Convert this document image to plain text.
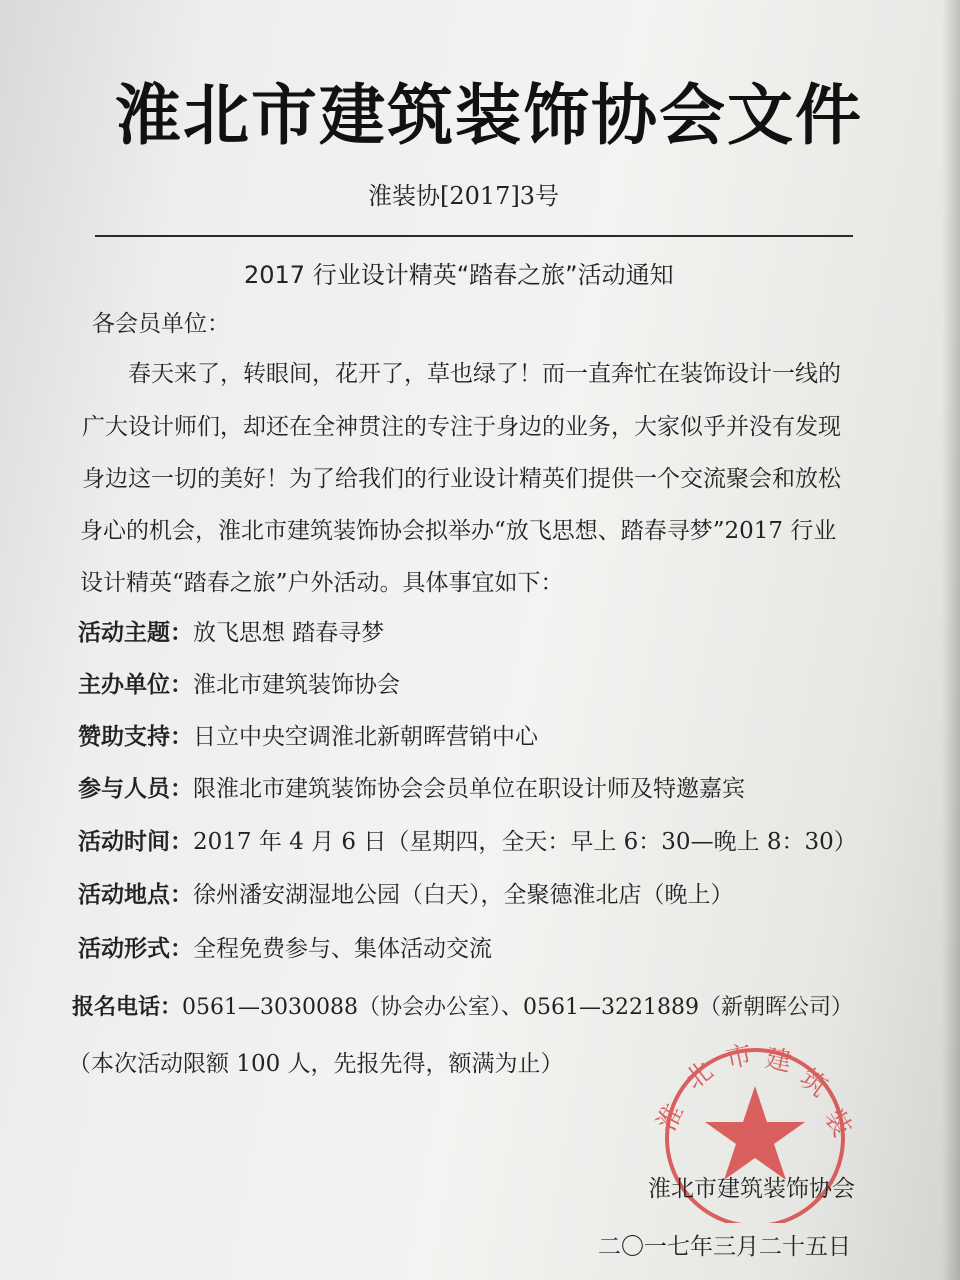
淮北市建筑装饰协会文件
淮装协[2017]3号
2017 行业设计精英“踏春之旅”活动通知
各会员单位：
春天来了，转眼间，花开了，草也绿了！而一直奔忙在装饰设计一线的
广大设计师们，却还在全神贯注的专注于身边的业务，大家似乎并没有发现
身边这一切的美好！为了给我们的行业设计精英们提供一个交流聚会和放松
身心的机会，淮北市建筑装饰协会拟举办“放飞思想、踏春寻梦”2017 行业
设计精英“踏春之旅”户外活动。具体事宜如下：
活动主题：放飞思想 踏春寻梦
主办单位：淮北市建筑装饰协会
赞助支持：日立中央空调淮北新朝晖营销中心
参与人员：限淮北市建筑装饰协会会员单位在职设计师及特邀嘉宾
活动时间：2017 年 4 月 6 日（星期四，全天：早上 6：30—晚上 8：30）
活动地点：徐州潘安湖湿地公园（白天），全聚德淮北店（晚上）
活动形式：全程免费参与、集体活动交流
报名电话：0561—3030088（协会办公室）、0561—3221889（新朝晖公司）
（本次活动限额 100 人，先报先得，额满为止）
淮
北 市 建
筑
装
淮北市建筑装饰协会
二〇一七年三月二十五日
